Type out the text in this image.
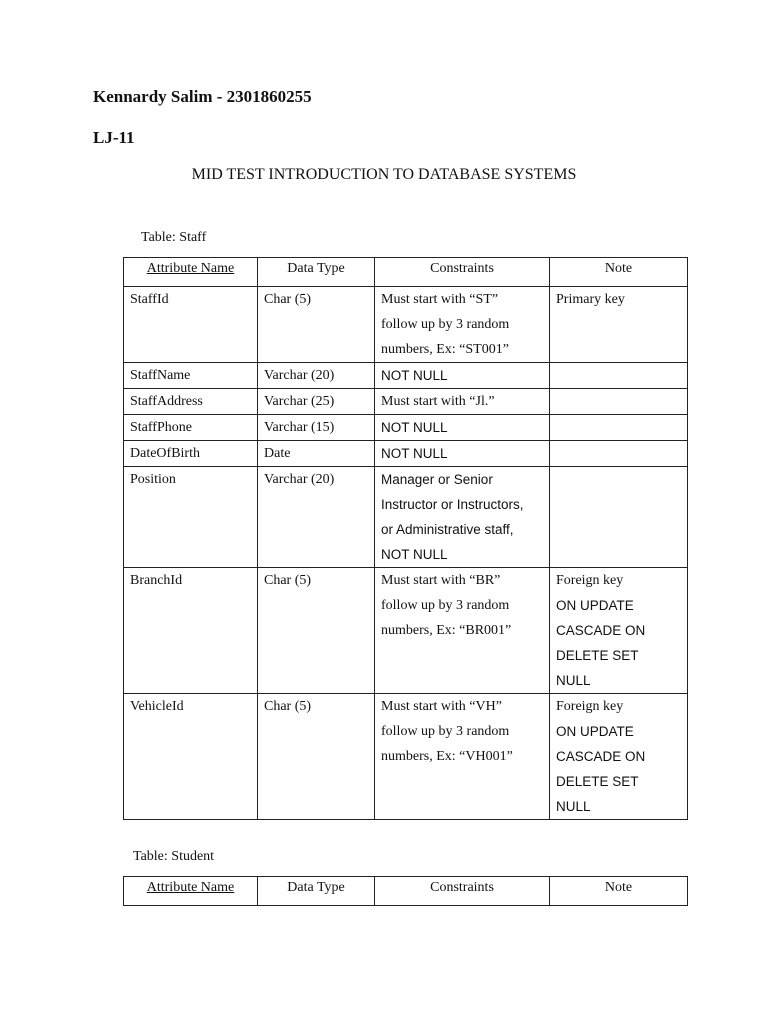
Kennardy Salim - 2301860255
LJ-11
MID TEST INTRODUCTION TO DATABASE SYSTEMS
Table: Staff
Attribute Name	Data Type	Constraints	Note
StaffId	Char (5)	Must start with “ST”
follow up by 3 random
numbers, Ex: “ST001”	Primary key

StaffName	Varchar (20)	NOT NULL	

StaffAddress	Varchar (25)	Must start with “Jl.”	

StaffPhone	Varchar (15)	NOT NULL	

DateOfBirth	Date	NOT NULL	

Position	Varchar (20)	Manager or Senior
Instructor or Instructors,
or Administrative staff,
NOT NULL	

BranchId	Char (5)	Must start with “BR”
follow up by 3 random
numbers, Ex: “BR001”	Foreign key
ON UPDATE
CASCADE ON
DELETE SET
NULL

VehicleId	Char (5)	Must start with “VH”
follow up by 3 random
numbers, Ex: “VH001”	Foreign key
ON UPDATE
CASCADE ON
DELETE SET
NULL
Table: Student
Attribute Name	Data Type	Constraints	Note
